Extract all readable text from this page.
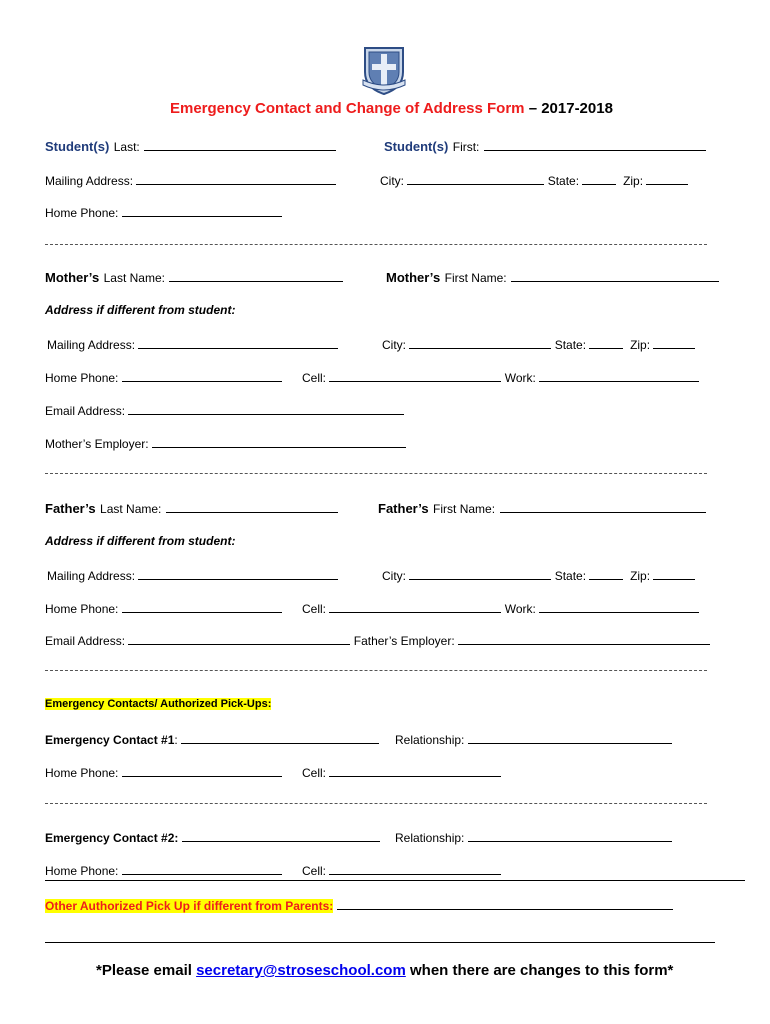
Emergency Contact and Change of Address Form – 2017-2018
Student(s) Last:	Student(s) First:
Mailing Address:	City:	State:	Zip:
Home Phone:
Mother’s Last Name:	Mother’s First Name:
Address if different from student:
Mailing Address:	City:	State:	Zip:
Home Phone:	Cell:	Work:
Email Address:
Mother’s Employer:
Father’s Last Name:	Father’s First Name:
Address if different from student:
Mailing Address:	City:	State:	Zip:
Home Phone:	Cell:	Work:
Email Address:	Father’s Employer:
Emergency Contacts/ Authorized Pick-Ups:
Emergency Contact #1:	Relationship:
Home Phone:	Cell:
Emergency Contact #2:	Relationship:
Home Phone:	Cell:
Other Authorized Pick Up if different from Parents:
*Please email secretary@stroseschool.com when there are changes to this form*
